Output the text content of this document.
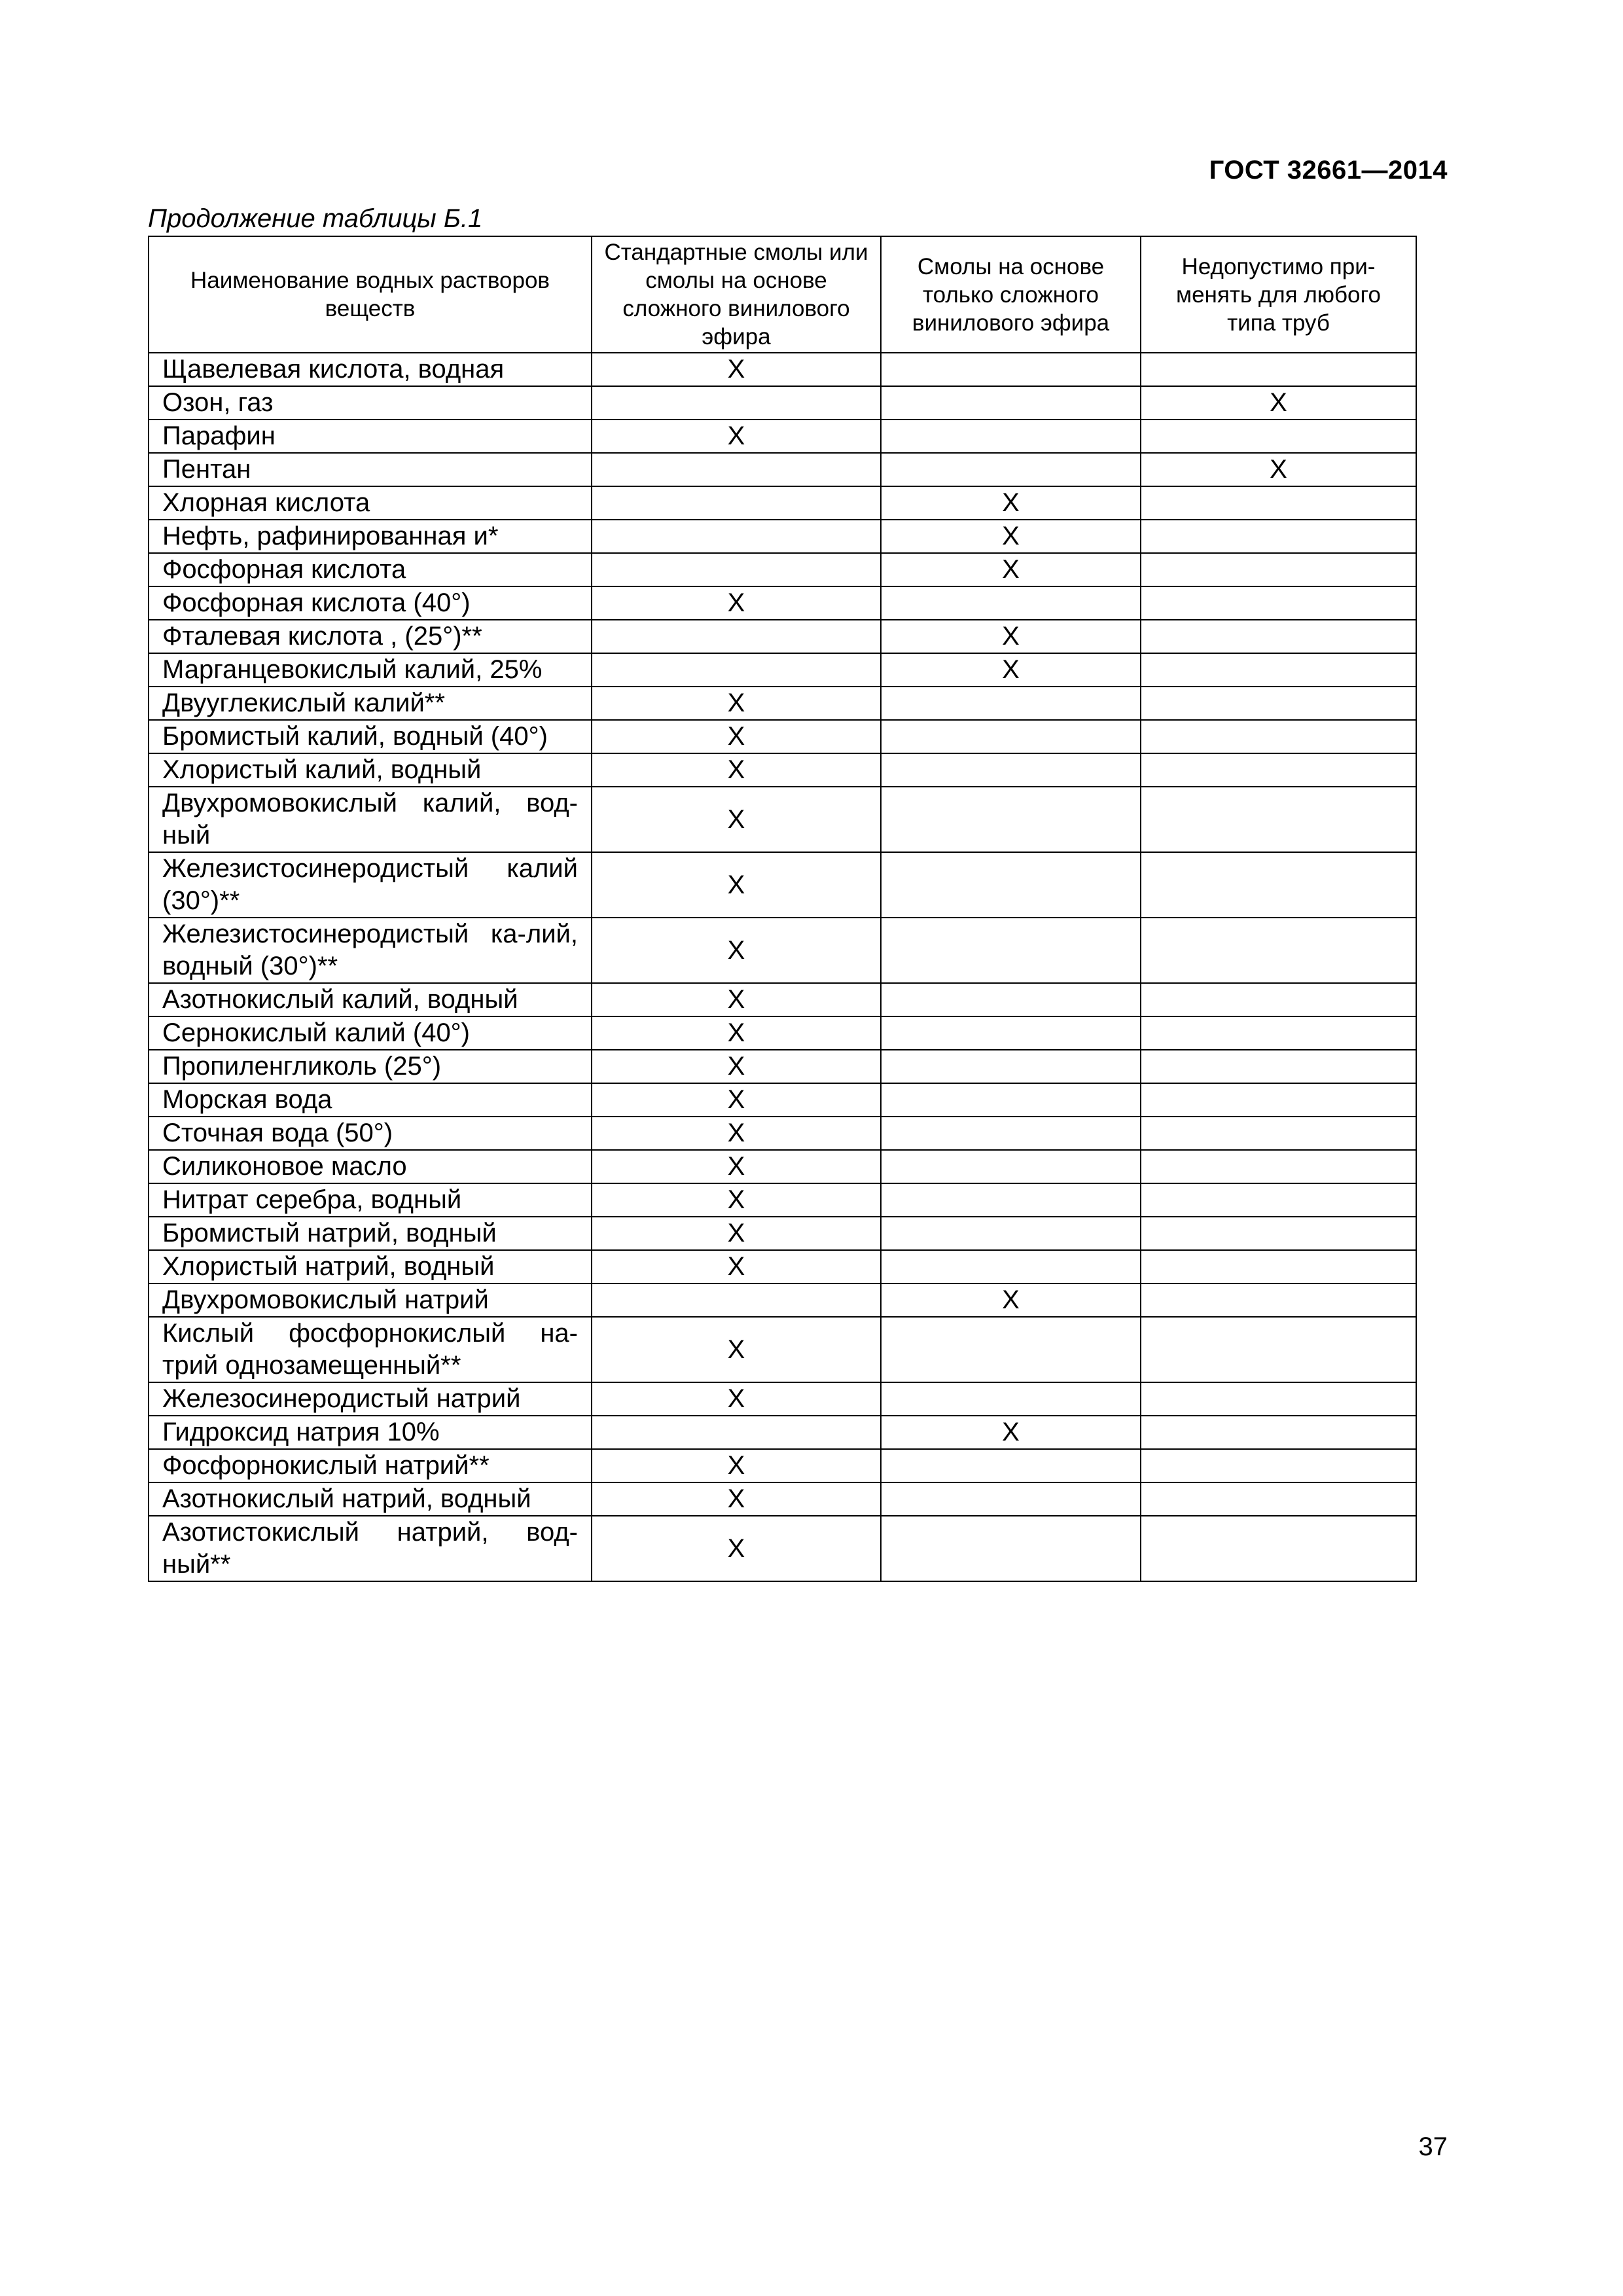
ГОСТ 32661—2014
Продолжение таблицы Б.1
Наименование водных растворов веществ	Стандартные смолы или смолы на основе сложного винилового эфира	Смолы на основе только сложного винилового эфира	Недопустимо при-менять для любого типа труб
Щавелевая кислота, водная	X		
Озон, газ			X
Парафин	X		
Пентан			X
Хлорная кислота		X	
Нефть, рафинированная и*		X	
Фосфорная кислота		X	
Фосфорная кислота (40°)	X		
Фталевая кислота , (25°)**		X	
Марганцевокислый калий, 25%		X	
Двууглекислый калий**	X		
Бромистый калий, водный (40°)	X		
Хлористый калий, водный	X		
Двухромовокислый калий, вод-ный	X		
Железистосинеродистый калий (30°)**	X		
Железистосинеродистый ка-лий, водный (30°)**	X		
Азотнокислый калий, водный	X		
Сернокислый калий (40°)	X		
Пропиленгликоль (25°)	X		
Морская вода	X		
Сточная вода (50°)	X		
Силиконовое масло	X		
Нитрат серебра, водный	X		
Бромистый натрий, водный	X		
Хлористый натрий, водный	X		
Двухромовокислый натрий		X	
Кислый фосфорнокислый на-трий однозамещенный**	X		
Железосинеродистый натрий	X		
Гидроксид натрия 10%		X	
Фосфорнокислый натрий**	X		
Азотнокислый натрий, водный	X		
Азотистокислый натрий, вод-ный**	X		
37
